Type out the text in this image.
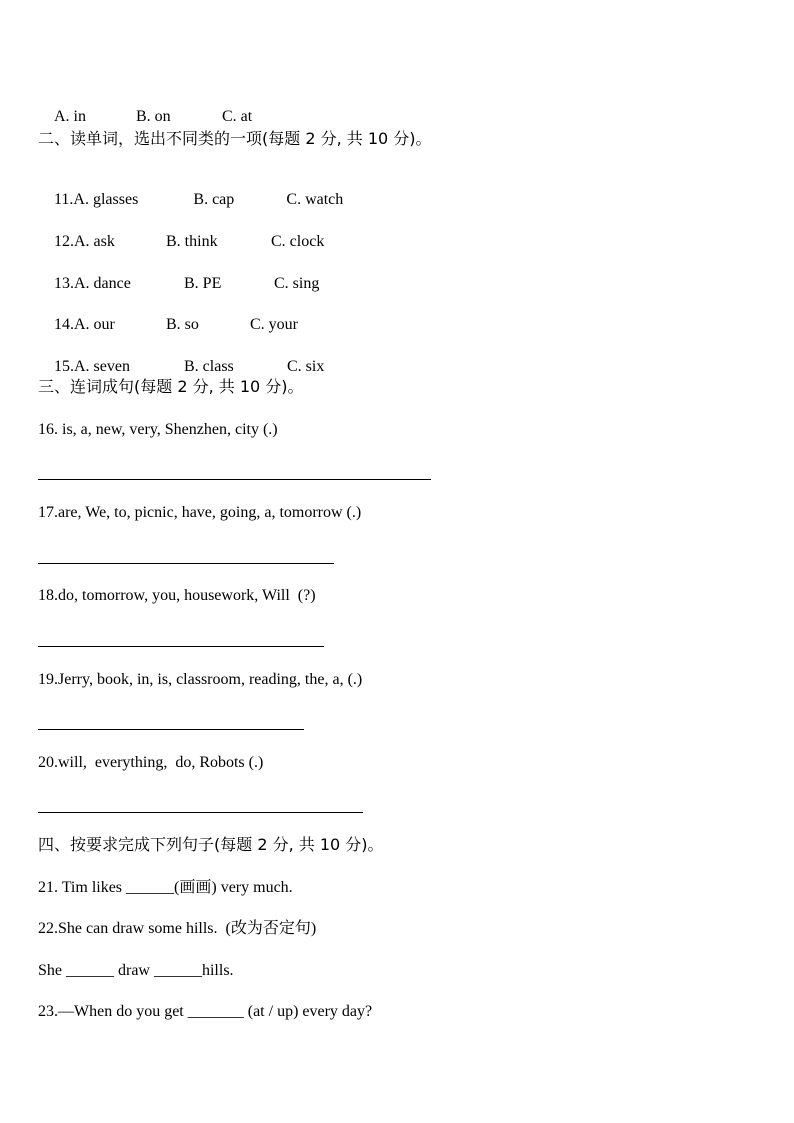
A. in	B. on	C. at

二、读单词，选出不同类的一项(每题 2 分, 共 10 分)。

11.A. glasses	B. cap	C. watch

12.A. ask	B. think	C. clock

13.A. dance	B. PE	C. sing

14.A. our	B. so	C. your

15.A. seven	B. class	C. six

三、连词成句(每题 2 分, 共 10 分)。
16. is, a, new, very, Shenzhen, city (.)
17.are, We, to, picnic, have, going, a, tomorrow (.)
18.do, tomorrow, you, housework, Will  (?)
19.Jerry, book, in, is, classroom, reading, the, a, (.)
20.will,  everything,  do, Robots (.)
四、按要求完成下列句子(每题 2 分, 共 10 分)。
21. Tim likes ______(画画) very much.
22.She can draw some hills.  (改为否定句)
She ______ draw ______hills.
23.—When do you get _______ (at / up) every day?
